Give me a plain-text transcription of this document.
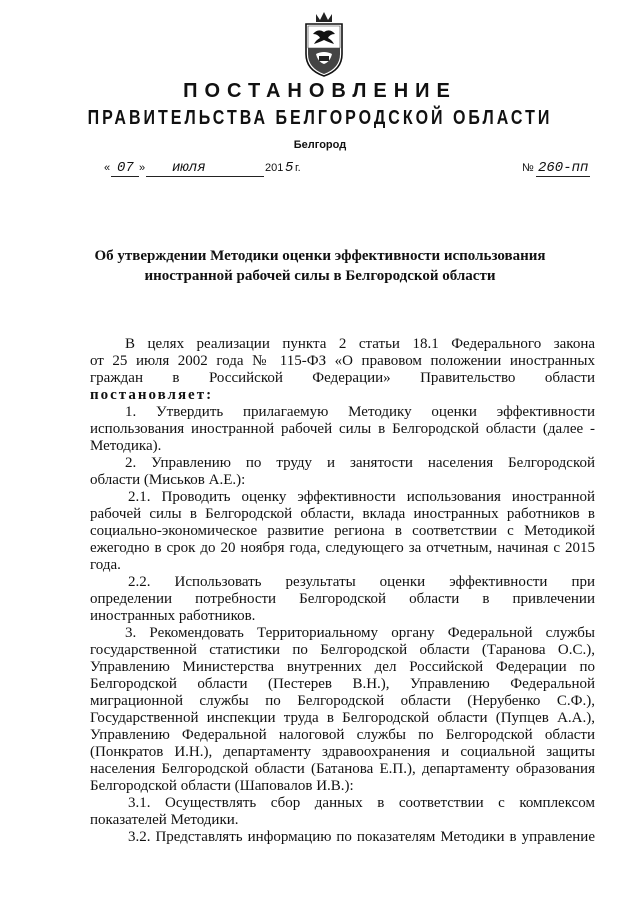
ПОСТАНОВЛЕНИЕ
ПРАВИТЕЛЬСТВА БЕЛГОРОДСКОЙ ОБЛАСТИ
Белгород
« 07 » июля	201 5 г.	№ 260-пп
Об утверждении Методики оценки эффективности использования
иностранной рабочей силы в Белгородской области

В целях реализации пункта 2 статьи 18.1 Федерального закона
от 25 июля 2002 года № 115-ФЗ «О правовом положении иностранных
граждан в Российской Федерации» Правительство области
постановляет:

1. Утвердить прилагаемую Методику оценки эффективности
использования иностранной рабочей силы в Белгородской области (далее -
Методика).

2. Управлению по труду и занятости населения Белгородской
области (Миськов А.Е.):

2.1. Проводить оценку эффективности использования иностранной
рабочей силы в Белгородской области, вклада иностранных работников в
социально-экономическое развитие региона в соответствии с Методикой
ежегодно в срок до 20 ноября года, следующего за отчетным, начиная с 2015
года.

2.2. Использовать результаты оценки эффективности при
определении потребности Белгородской области в привлечении
иностранных работников.

3. Рекомендовать Территориальному органу Федеральной службы
государственной статистики по Белгородской области (Таранова О.С.),
Управлению Министерства внутренних дел Российской Федерации по
Белгородской области (Пестерев В.Н.), Управлению Федеральной
миграционной службы по Белгородской области (Нерубенко С.Ф.),
Государственной инспекции труда в Белгородской области (Пупцев А.А.),
Управлению Федеральной налоговой службы по Белгородской области
(Понкратов И.Н.), департаменту здравоохранения и социальной защиты
населения Белгородской области (Батанова Е.П.), департаменту образования
Белгородской области (Шаповалов И.В.):

3.1. Осуществлять сбор данных в соответствии с комплексом
показателей Методики.

3.2. Представлять информацию по показателям Методики в управление
